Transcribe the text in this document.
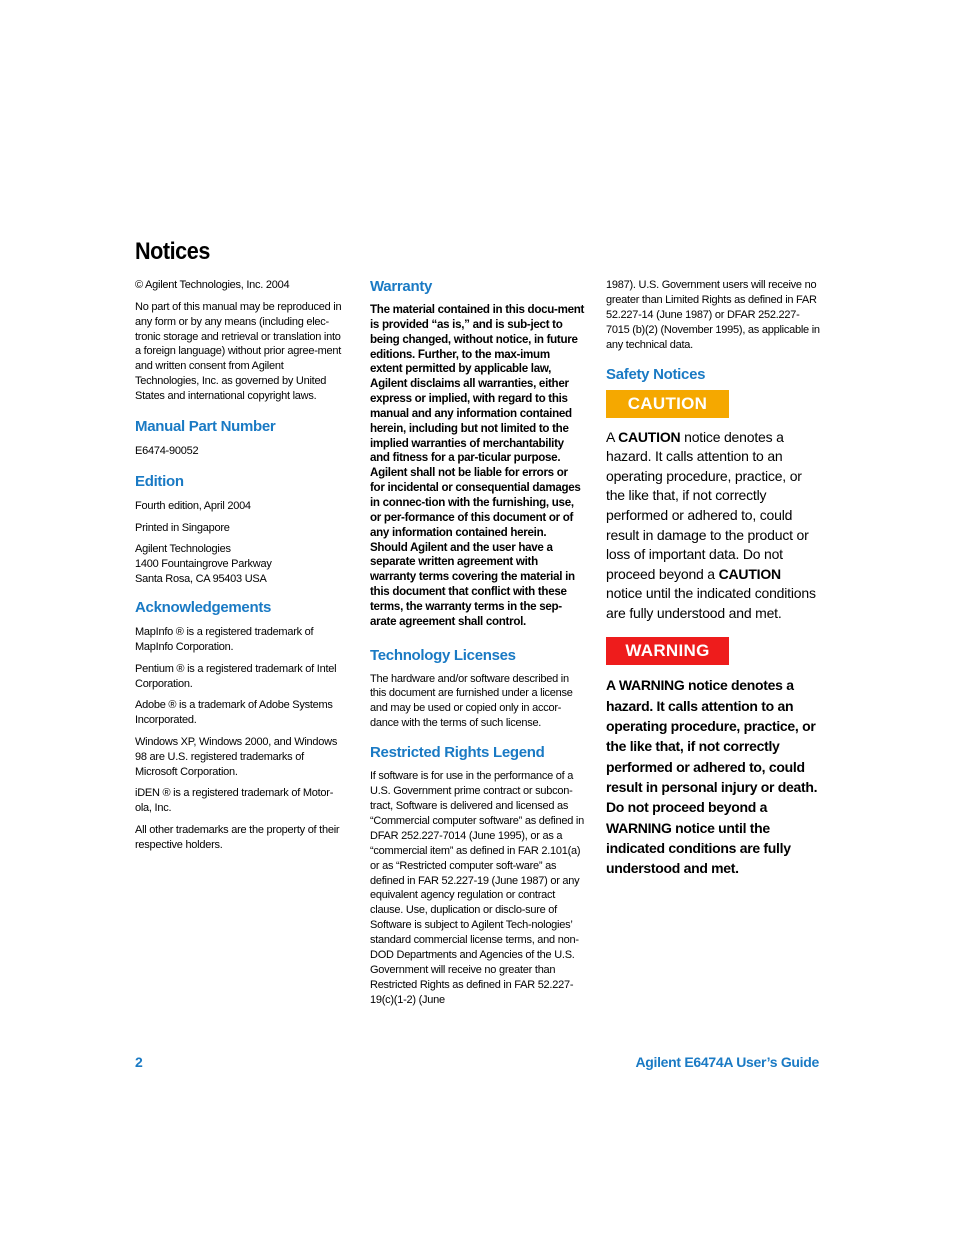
Notices

© Agilent Technologies, Inc. 2004

No part of this manual may be reproduced in any form or by any means (including elec-tronic storage and retrieval or translation into a foreign language) without prior agree-ment and written consent from Agilent Technologies, Inc. as governed by United States and international copyright laws.

Manual Part Number

E6474-90052

Edition

Fourth edition, April 2004

Printed in Singapore

Agilent Technologies
1400 Fountaingrove Parkway
Santa Rosa, CA 95403 USA
Acknowledgements

MapInfo ® is a registered trademark of MapInfo Corporation.

Pentium ® is a registered trademark of Intel Corporation.

Adobe ® is a trademark of Adobe Systems Incorporated.

Windows XP, Windows 2000, and Windows 98 are U.S. registered trademarks of Microsoft Corporation.

iDEN ® is a registered trademark of Motor-ola, Inc.

All other trademarks are the property of their respective holders.

Warranty

The material contained in this docu-ment is provided “as is,” and is sub-ject to being changed, without notice, in future editions. Further, to the max-imum extent permitted by applicable law, Agilent disclaims all warranties, either express or implied, with regard to this manual and any information contained herein, including but not limited to the implied warranties of merchantability and fitness for a par-ticular purpose. Agilent shall not be liable for errors or for incidental or consequential damages in connec-tion with the furnishing, use, or per-formance of this document or of any information contained herein. Should Agilent and the user have a separate written agreement with warranty terms covering the material in this document that conflict with these terms, the warranty terms in the sep-arate agreement shall control.

Technology Licenses

The hardware and/or software described in this document are furnished under a license and may be used or copied only in accor-dance with the terms of such license.

Restricted Rights Legend

If software is for use in the performance of a U.S. Government prime contract or subcon-tract, Software is delivered and licensed as “Commercial computer software” as defined in DFAR 252.227-7014 (June 1995), or as a “commercial item” as defined in FAR 2.101(a) or as “Restricted computer soft-ware” as defined in FAR 52.227-19 (June 1987) or any equivalent agency regulation or contract clause. Use, duplication or disclo-sure of Software is subject to Agilent Tech-nologies’ standard commercial license terms, and non-DOD Departments and Agencies of the U.S. Government will receive no greater than Restricted Rights as defined in FAR 52.227-19(c)(1-2) (June

1987). U.S. Government users will receive no greater than Limited Rights as defined in FAR 52.227-14 (June 1987) or DFAR 252.227-7015 (b)(2) (November 1995), as applicable in any technical data.

Safety Notices
CAUTION

A CAUTION notice denotes a hazard. It calls attention to an operating procedure, practice, or the like that, if not correctly performed or adhered to, could result in damage to the product or loss of important data. Do not proceed beyond a CAUTION notice until the indicated conditions are fully understood and met.

WARNING

A WARNING notice denotes a hazard. It calls attention to an operating procedure, practice, or the like that, if not correctly performed or adhered to, could result in personal injury or death. Do not proceed beyond a WARNING notice until the indicated conditions are fully understood and met.

2	Agilent E6474A User’s Guide
